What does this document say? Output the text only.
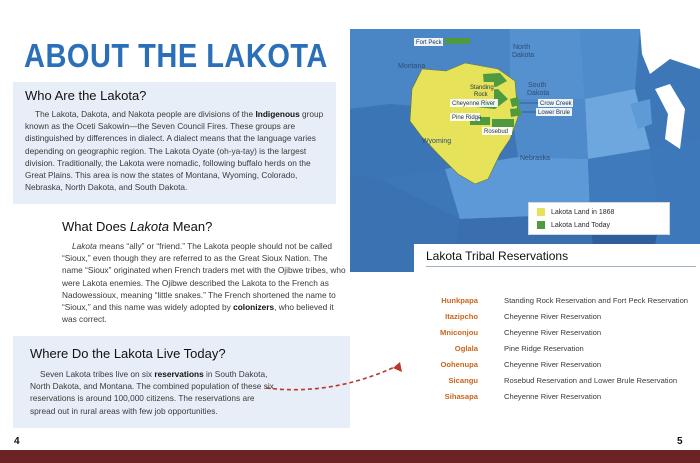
ABOUT THE LAKOTA
Who Are the Lakota?

The Lakota, Dakota, and Nakota people are divisions of the Indigenous group known as the Oceti Sakowin—the Seven Council Fires. These groups are distinguished by differences in dialect. A dialect means that the language varies depending on geographic region. The Lakota Oyate (oh-ya-tay) is the largest division. Traditionally, the Lakota were nomadic, following buffalo herds on the Great Plains. This area is now the states of Montana, Wyoming, Colorado, Nebraska, North Dakota, and South Dakota.

What Does Lakota Mean?

Lakota means “ally” or “friend.” The Lakota people should not be called “Sioux,” even though they are referred to as the Great Sioux Nation. The name “Sioux” originated when French traders met with the Ojibwe tribes, who were Lakota enemies. The Ojibwe described the Lakota to the French as Nadowessioux, meaning “little snakes.” The French shortened the name to “Sioux,” and this name was widely adopted by colonizers, who believed it was correct.

Where Do the Lakota Live Today?

Seven Lakota tribes live on six reservations in South Dakota, North Dakota, and Montana. The combined population of these six reservations is around 100,000 citizens. The reservations are spread out in rural areas with few job opportunities.

4
Montana
North
Dakota
South
Dakota
Wyoming
Nebraska
Fort Peck
Standing
Rock
Cheyenne River
Pine Ridge
Rosebud
Crow Creek
Lower Brule
Lakota Land in 1868
Lakota Land Today
Lakota Tribal Reservations
Hunkpapa	Standing Rock Reservation and Fort Peck Reservation
Itazipcho	Cheyenne River Reservation
Mniconjou	Cheyenne River Reservation
Oglala	Pine Ridge Reservation
Oohenupa	Cheyenne River Reservation
Sicangu	Rosebud Reservation and Lower Brule Reservation
Sihasapa	Cheyenne River Reservation
5
